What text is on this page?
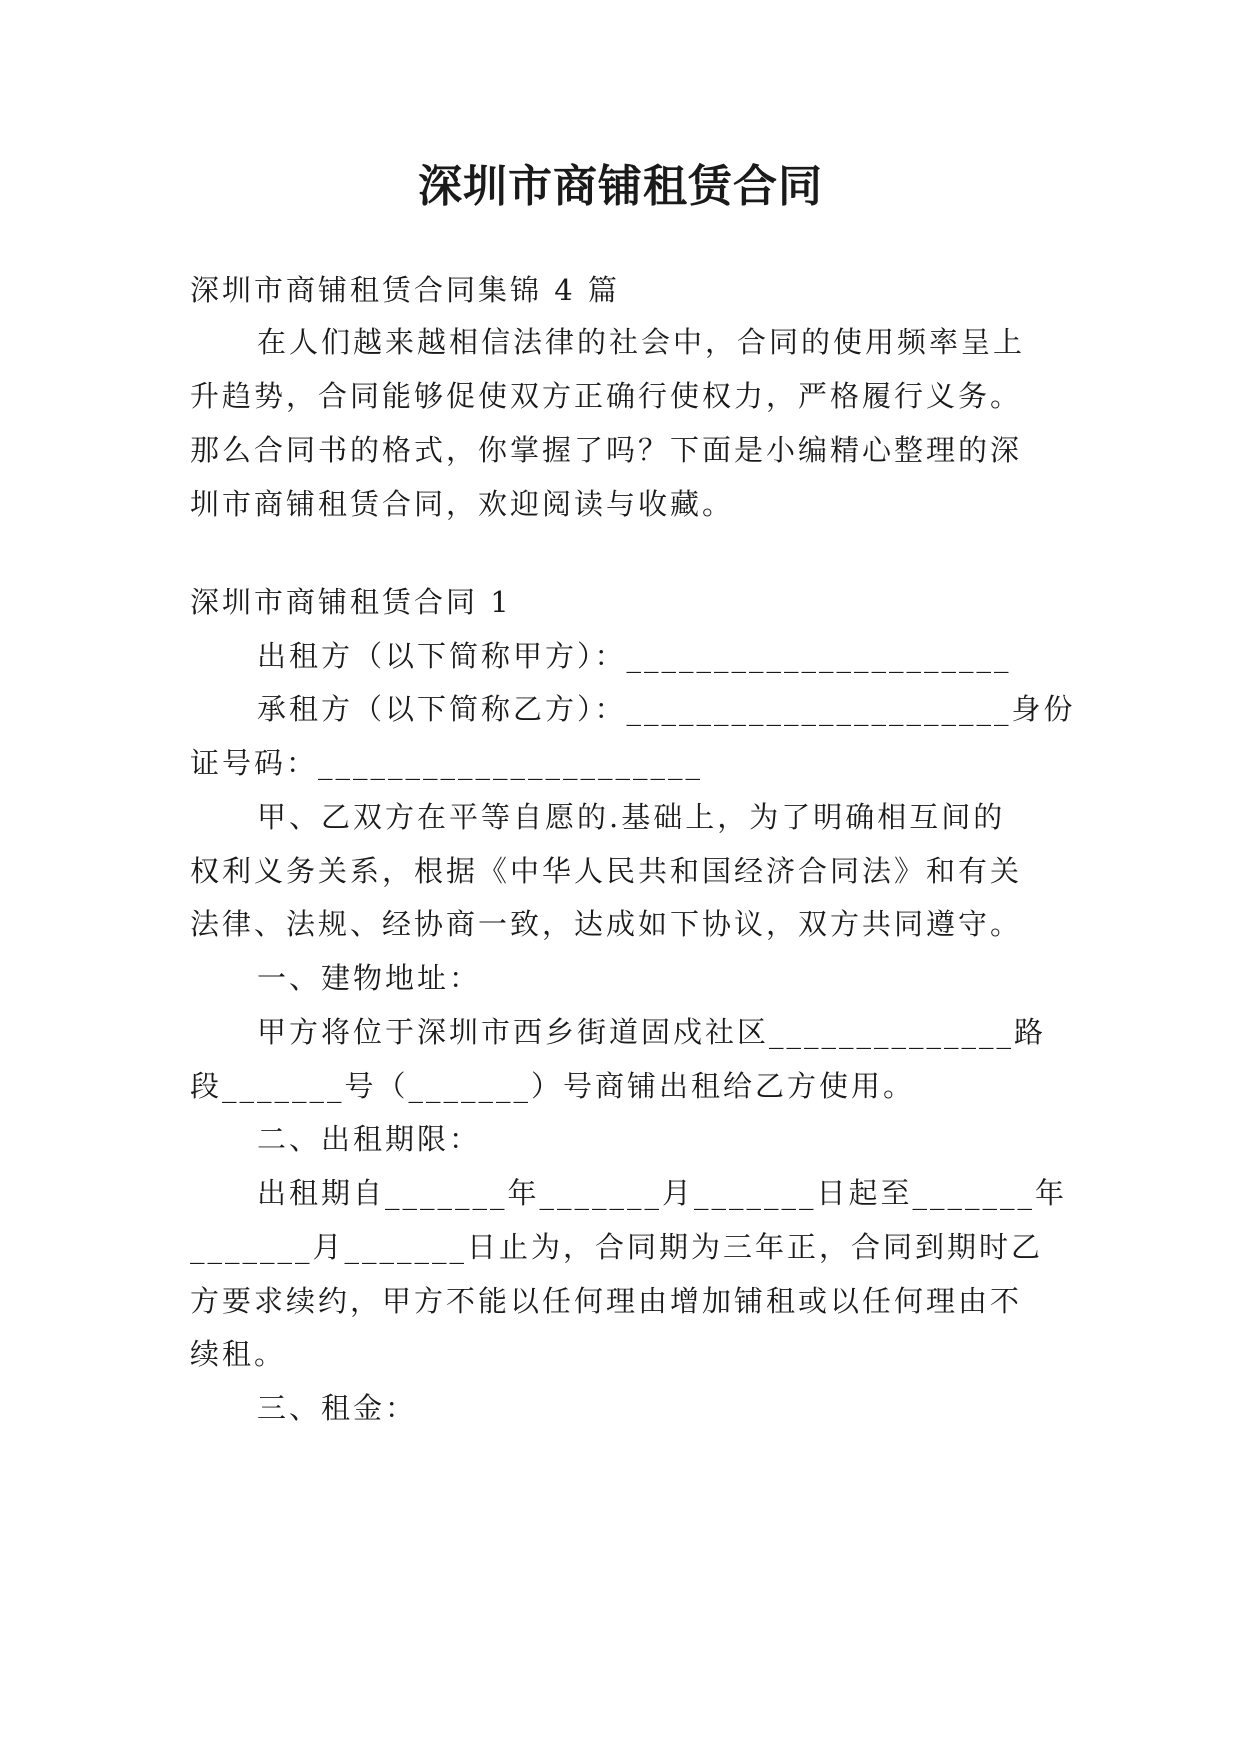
深圳市商铺租赁合同
深圳市商铺租赁合同集锦 4 篇
在人们越来越相信法律的社会中，合同的使用频率呈上
升趋势，合同能够促使双方正确行使权力，严格履行义务。
那么合同书的格式，你掌握了吗？下面是小编精心整理的深
圳市商铺租赁合同，欢迎阅读与收藏。
深圳市商铺租赁合同 1
出租方（以下简称甲方）：______________________
承租方（以下简称乙方）：______________________身份
证号码：______________________
甲、乙双方在平等自愿的.基础上，为了明确相互间的
权利义务关系，根据《中华人民共和国经济合同法》和有关
法律、法规、经协商一致，达成如下协议，双方共同遵守。
一、建物地址：
甲方将位于深圳市西乡街道固戍社区______________路
段_______号（_______）号商铺出租给乙方使用。
二、出租期限：
出租期自_______年_______月_______日起至_______年
_______月_______日止为，合同期为三年正，合同到期时乙
方要求续约，甲方不能以任何理由增加铺租或以任何理由不
续租。
三、租金：
